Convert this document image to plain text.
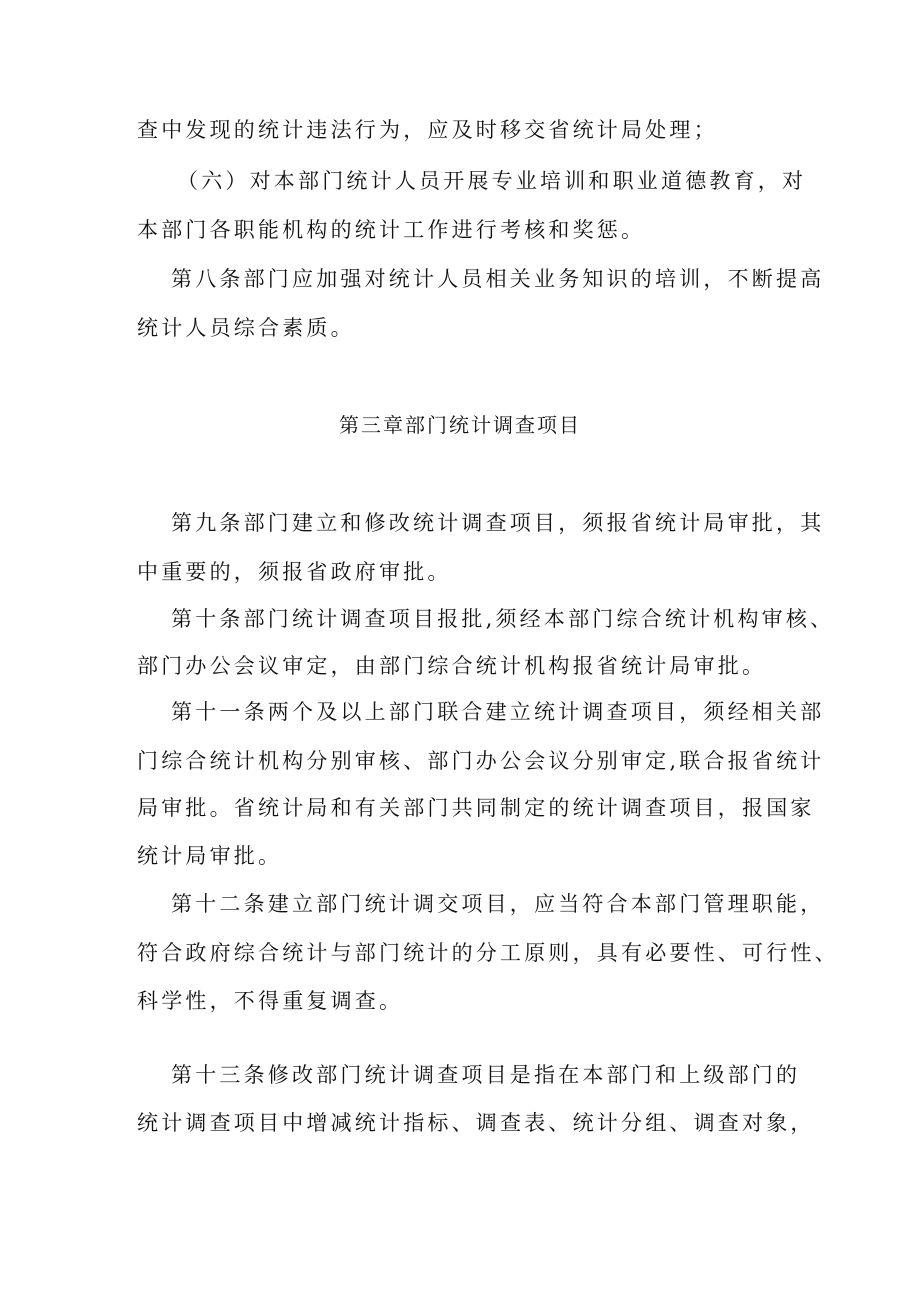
查中发现的统计违法行为，应及时移交省统计局处理；
（六）对本部门统计人员开展专业培训和职业道德教育，对
本部门各职能机构的统计工作进行考核和奖惩。
第八条部门应加强对统计人员相关业务知识的培训，不断提高
统计人员综合素质。
第三章部门统计调查项目
第九条部门建立和修改统计调查项目，须报省统计局审批，其
中重要的，须报省政府审批。
第十条部门统计调查项目报批,须经本部门综合统计机构审核、
部门办公会议审定，由部门综合统计机构报省统计局审批。
第十一条两个及以上部门联合建立统计调查项目，须经相关部
门综合统计机构分别审核、部门办公会议分别审定,联合报省统计
局审批。省统计局和有关部门共同制定的统计调查项目，报国家
统计局审批。
第十二条建立部门统计调交项目，应当符合本部门管理职能，
符合政府综合统计与部门统计的分工原则，具有必要性、可行性、
科学性，不得重复调查。
第十三条修改部门统计调查项目是指在本部门和上级部门的
统计调查项目中增减统计指标、调查表、统计分组、调查对象，
